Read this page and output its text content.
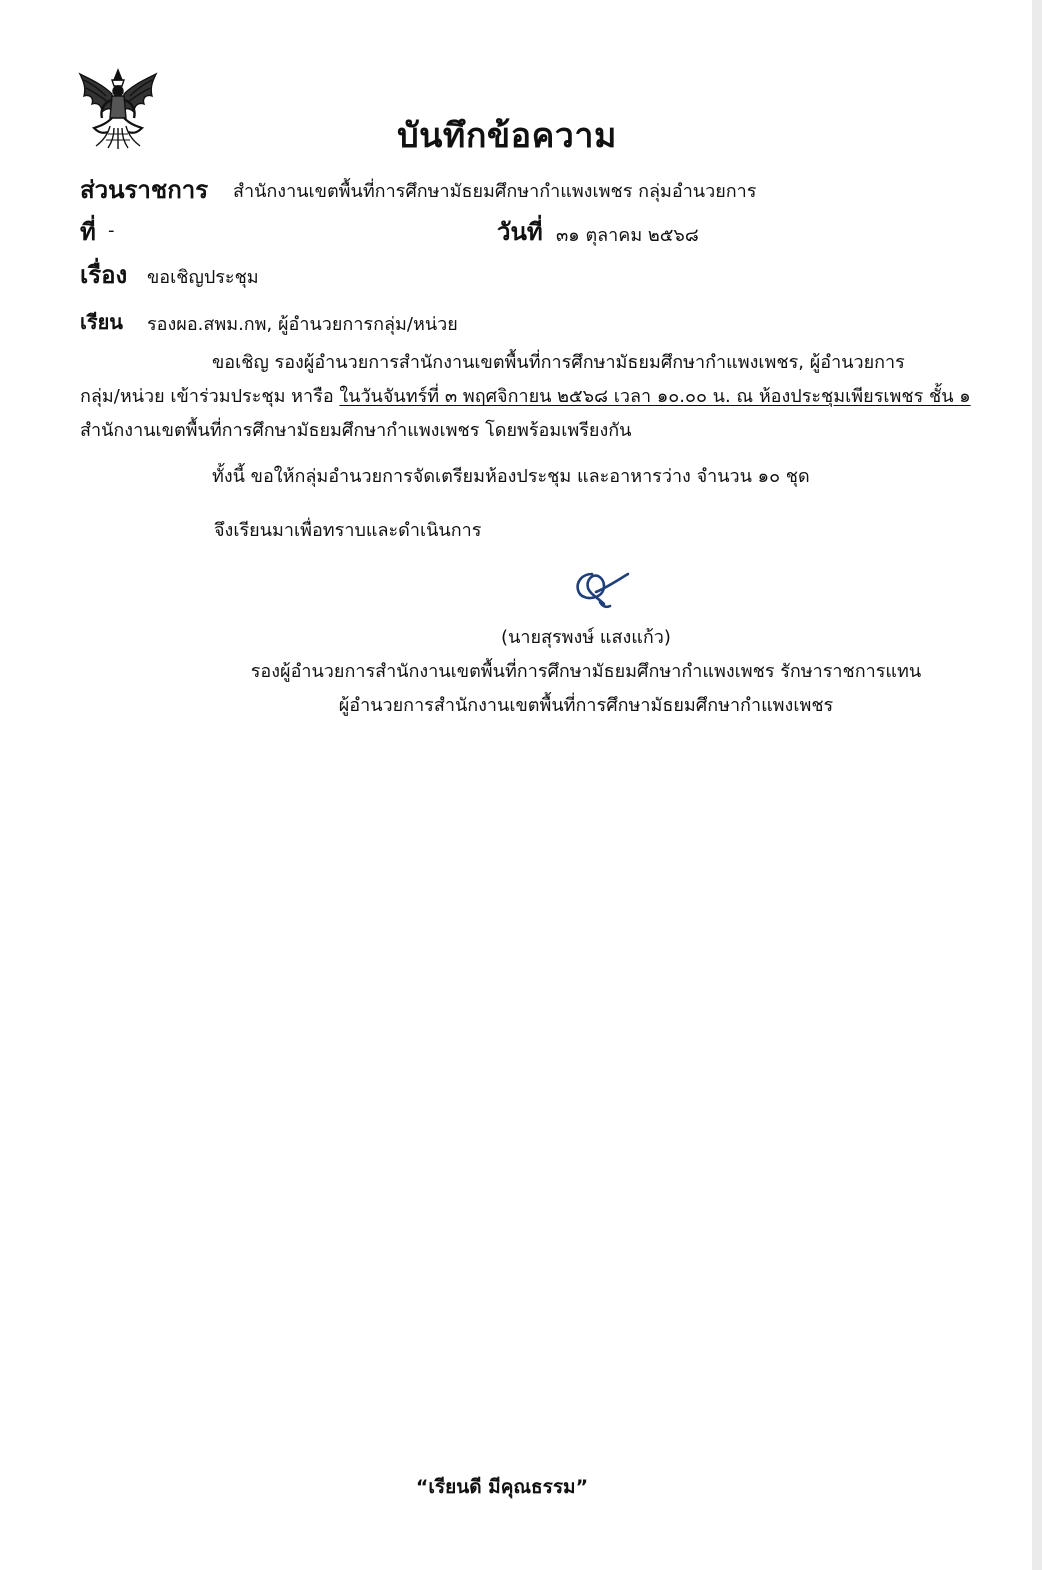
บันทึกข้อความ
ส่วนราชการ สำนักงานเขตพื้นที่การศึกษามัธยมศึกษากำแพงเพชร กลุ่มอำนวยการ
ที่ -	วันที่ ๓๑ ตุลาคม ๒๕๖๘
เรื่อง ขอเชิญประชุม
เรียน รองผอ.สพม.กพ, ผู้อำนวยการกลุ่ม/หน่วย
ขอเชิญ รองผู้อำนวยการสำนักงานเขตพื้นที่การศึกษามัธยมศึกษากำแพงเพชร, ผู้อำนวยการ
กลุ่ม/หน่วย เข้าร่วมประชุม หารือ ในวันจันทร์ที่ ๓ พฤศจิกายน ๒๕๖๘ เวลา ๑๐.๐๐ น. ณ ห้องประชุมเพียรเพชร ชั้น ๑
สำนักงานเขตพื้นที่การศึกษามัธยมศึกษากำแพงเพชร โดยพร้อมเพรียงกัน
ทั้งนี้ ขอให้กลุ่มอำนวยการจัดเตรียมห้องประชุม และอาหารว่าง จำนวน ๑๐ ชุด
จึงเรียนมาเพื่อทราบและดำเนินการ
(นายสุรพงษ์ แสงแก้ว)
รองผู้อำนวยการสำนักงานเขตพื้นที่การศึกษามัธยมศึกษากำแพงเพชร รักษาราชการแทน
ผู้อำนวยการสำนักงานเขตพื้นที่การศึกษามัธยมศึกษากำแพงเพชร
“เรียนดี มีคุณธรรม”
